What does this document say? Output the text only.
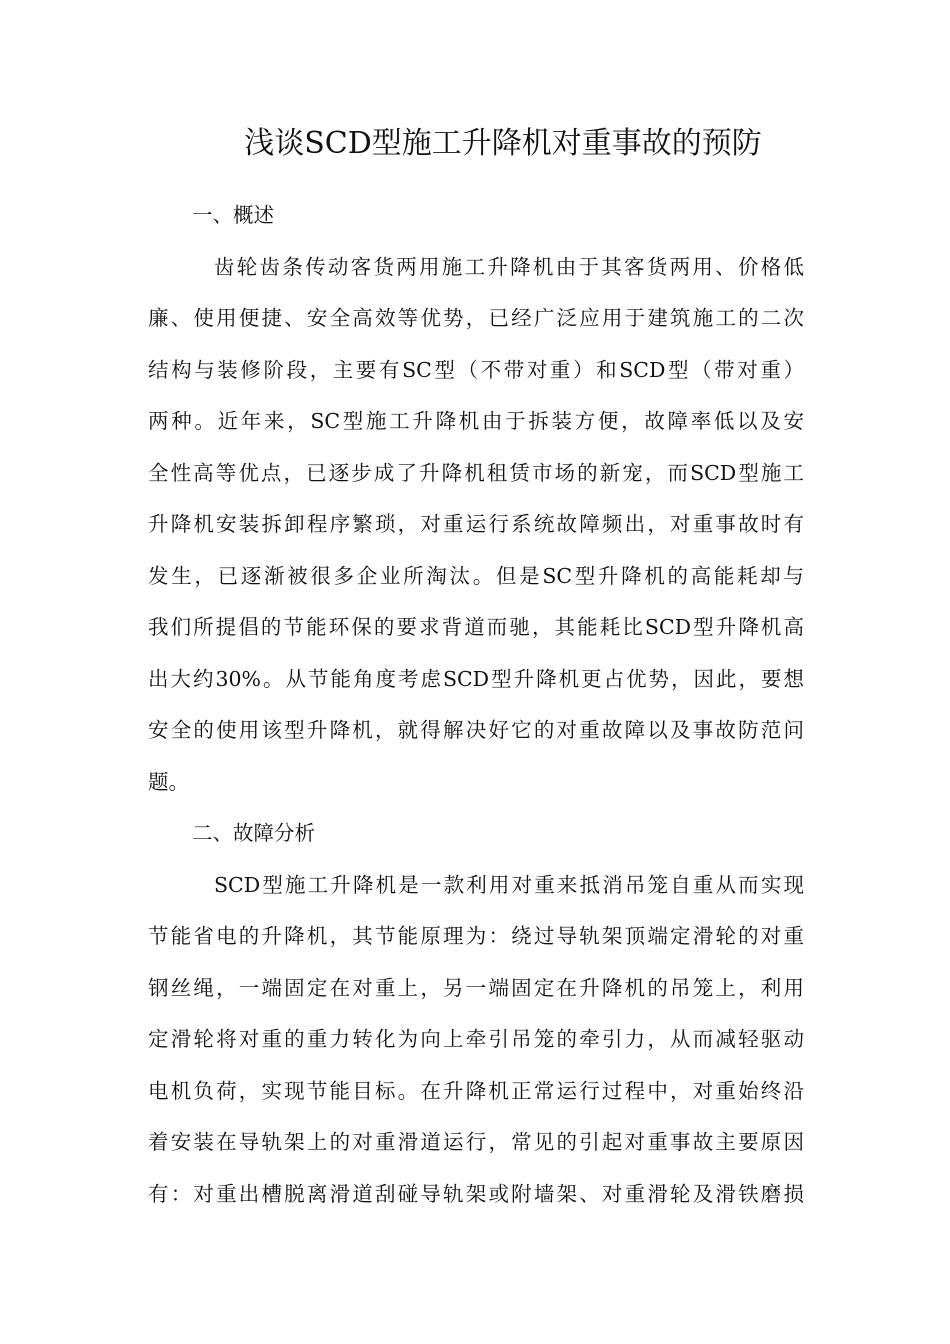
浅谈SCD型施工升降机对重事故的预防

一、概述

齿轮齿条传动客货两用施工升降机由于其客货两用、价格低
廉、使用便捷、安全高效等优势，已经广泛应用于建筑施工的二次
结构与装修阶段，主要有SC型（不带对重）和SCD型（带对重）
两种。近年来，SC型施工升降机由于拆装方便，故障率低以及安
全性高等优点，已逐步成了升降机租赁市场的新宠，而SCD型施工
升降机安装拆卸程序繁琐，对重运行系统故障频出，对重事故时有
发生，已逐渐被很多企业所淘汰。但是SC型升降机的高能耗却与
我们所提倡的节能环保的要求背道而驰，其能耗比SCD型升降机高
出大约30%。从节能角度考虑SCD型升降机更占优势，因此，要想
安全的使用该型升降机，就得解决好它的对重故障以及事故防范问
题。

二、故障分析

SCD型施工升降机是一款利用对重来抵消吊笼自重从而实现
节能省电的升降机，其节能原理为：绕过导轨架顶端定滑轮的对重
钢丝绳，一端固定在对重上，另一端固定在升降机的吊笼上，利用
定滑轮将对重的重力转化为向上牵引吊笼的牵引力，从而减轻驱动
电机负荷，实现节能目标。在升降机正常运行过程中，对重始终沿
着安装在导轨架上的对重滑道运行，常见的引起对重事故主要原因
有：对重出槽脱离滑道刮碰导轨架或附墙架、对重滑轮及滑铁磨损
